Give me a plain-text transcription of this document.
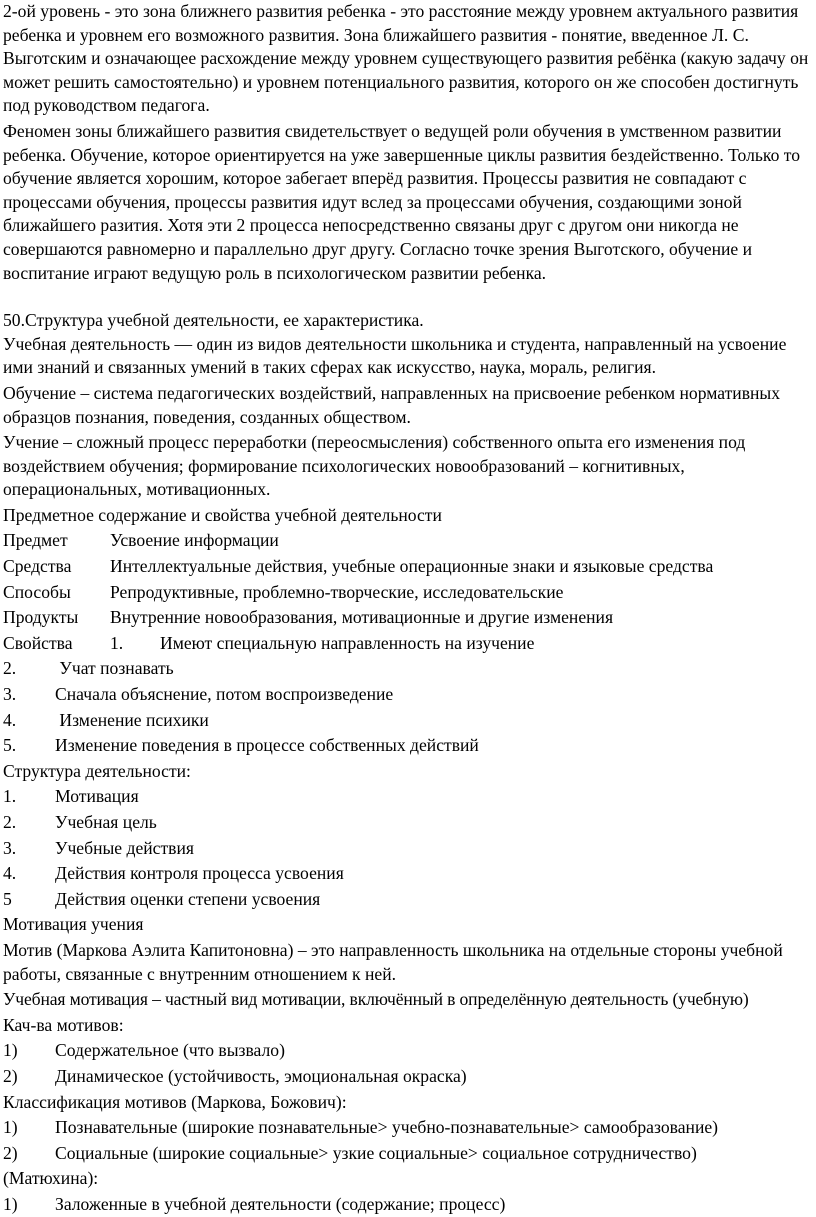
2-ой уровень - это зона ближнего развития ребенка - это расстояние между уровнем актуального развития ребенка и уровнем его возможного развития. Зона ближайшего развития - понятие, введенное Л. С. Выготским и означающее расхождение между уровнем существующего развития ребёнка (какую задачу он может решить самостоятельно) и уровнем потенциального развития, которого он же способен достигнуть под руководством педагога.

Феномен зоны ближайшего развития свидетельствует о ведущей роли обучения в умственном развитии ребенка. Обучение, которое ориентируется на уже завершенные циклы развития бездейственно. Только то обучение является хорошим, которое забегает вперёд развития. Процессы развития не совпадают с процессами обучения, процессы развития идут вслед за процессами обучения, создающими зоной ближайшего разития. Хотя эти 2 процесса непосредственно связаны друг с другом они никогда не совершаются равномерно и параллельно друг другу. Согласно точке зрения Выготского, обучение и воспитание играют ведущую роль в психологическом развитии ребенка.

50.Структура учебной деятельности, ее характеристика.

Учебная деятельность — один из видов деятельности школьника и студента, направленный на усвоение ими знаний и связанных умений в таких сферах как искусство, наука, мораль, религия.

Обучение – система педагогических воздействий, направленных на присвоение ребенком нормативных образцов познания, поведения, созданных обществом.

Учение – сложный процесс переработки (переосмысления) собственного опыта его изменения под воздействием обучения; формирование психологических новообразований – когнитивных, операциональных, мотивационных.

Предметное содержание и свойства учебной деятельности

Предмет	Усвоение информации
Средства	Интеллектуальные действия, учебные операционные знаки и языковые средства
Способы	Репродуктивные, проблемно-творческие, исследовательские
Продукты	Внутренние новообразования, мотивационные и другие изменения
Свойства	1. Имеют специальную направленность на изучение
2.	Учат познавать
3.	Сначала объяснение, потом воспроизведение
4.	Изменение психики
5.	Изменение поведения в процессе собственных действий

Структура деятельности:

1.	Мотивация
2.	Учебная цель
3.	Учебные действия
4.	Действия контроля процесса усвоения
5	Действия оценки степени усвоения

Мотивация учения

Мотив (Маркова Аэлита Капитоновна) – это направленность школьника на отдельные стороны учебной работы, связанные с внутренним отношением к ней.

Учебная мотивация – частный вид мотивации, включённый в определённую деятельность (учебную)

Кач-ва мотивов:

1)	Содержательное (что вызвало)
2)	Динамическое (устойчивость, эмоциональная окраска)

Классификация мотивов (Маркова, Божович):

1)	Познавательные (широкие познавательные> учебно-познавательные> самообразование)
2)	Социальные (широкие социальные> узкие социальные> социальное сотрудничество)

(Матюхина):

1)	Заложенные в учебной деятельности (содержание; процесс)
